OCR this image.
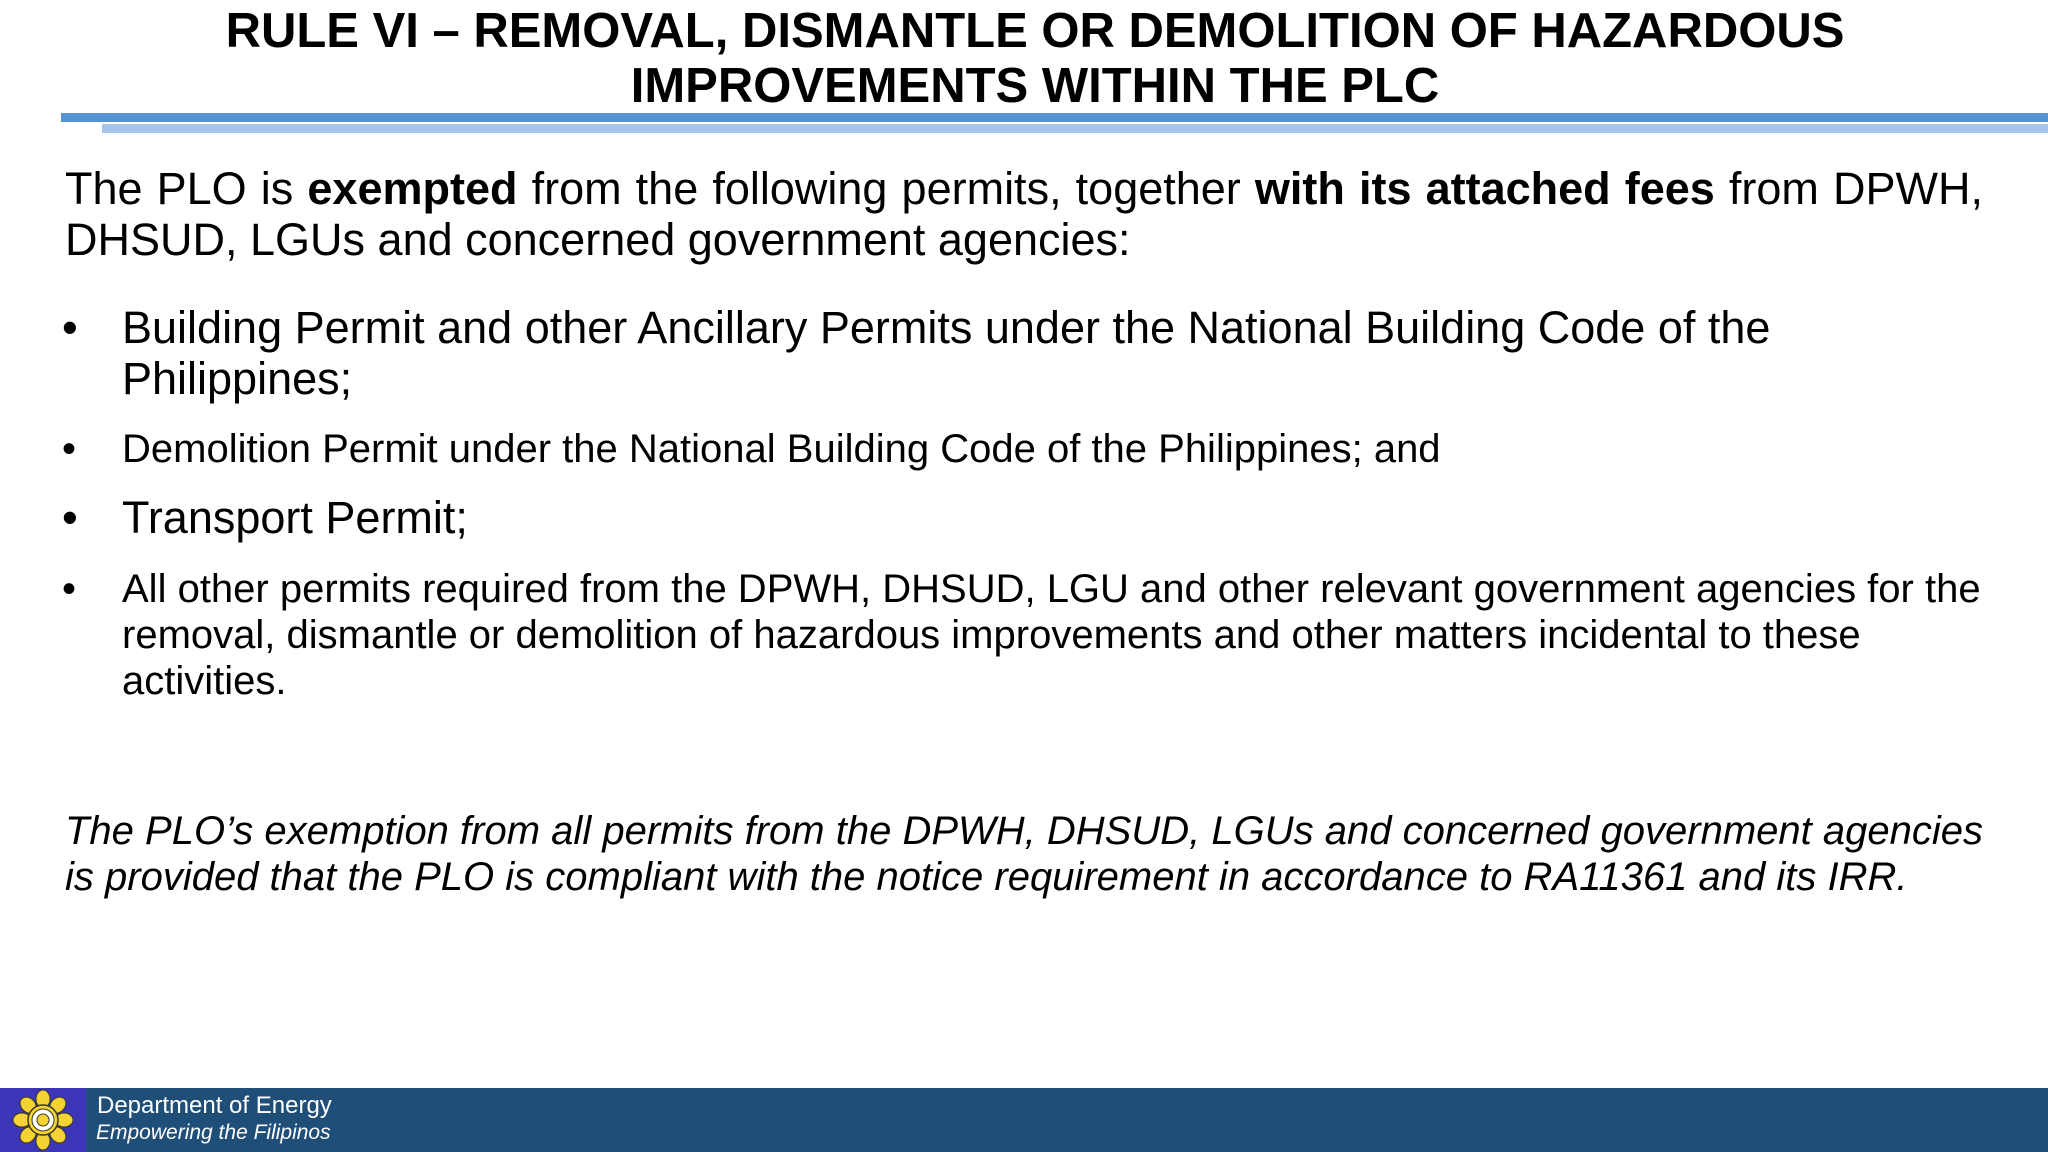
RULE VI – REMOVAL, DISMANTLE OR DEMOLITION OF HAZARDOUS
IMPROVEMENTS WITHIN THE PLC

The PLO is exempted from the following permits, together with its attached fees from DPWH, DHSUD, LGUs and concerned government agencies:

• Building Permit and other Ancillary Permits under the National Building Code of the Philippines;
• Demolition Permit under the National Building Code of the Philippines; and
• Transport Permit;
• All other permits required from the DPWH, DHSUD, LGU and other relevant government agencies for the removal, dismantle or demolition of hazardous improvements and other matters incidental to these activities.

The PLO’s exemption from all permits from the DPWH, DHSUD, LGUs and concerned government agencies is provided that the PLO is compliant with the notice requirement in accordance to RA11361 and its IRR.

Department of Energy
Empowering the Filipinos
